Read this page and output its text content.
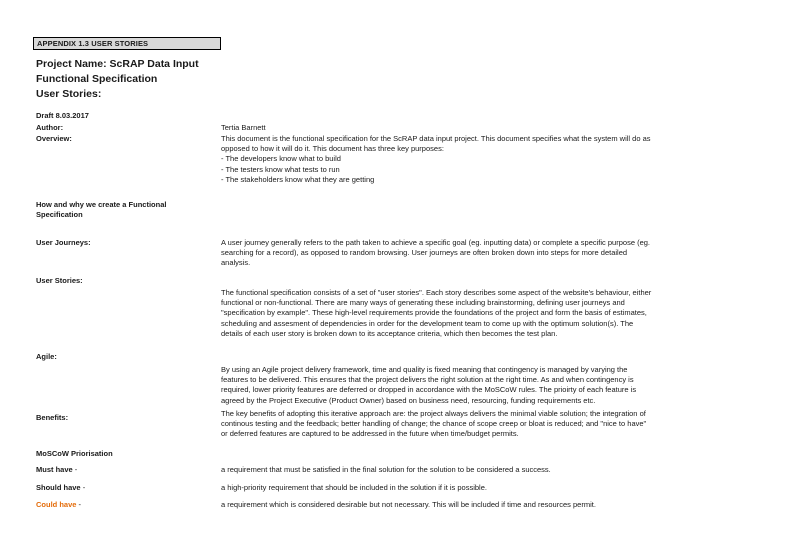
APPENDIX 1.3 USER STORIES
Project Name: ScRAP Data Input
Functional Specification
User Stories:
Draft 8.03.2017
Author:	Tertia Barnett
Overview:	This document is the functional specification for the ScRAP data input project. This document specifies what the system will do as
opposed to how it will do it. This document has three key purposes:
- The developers know what to build
- The testers know what tests to run
- The stakeholders know what they are getting
How and why we create a Functional
Specification
User Journeys:	A user journey generally refers to the path taken to achieve a specific goal (eg. inputting data) or complete a specific purpose (eg.
searching for a record), as opposed to random browsing. User journeys are often broken down into steps for more detailed
analysis.
User Stories:
The functional specification consists of a set of "user stories". Each story describes some aspect of the website's behaviour, either
functional or non-functional. There are many ways of generating these including brainstorming, defining user journeys and
"specification by example". These high-level requirements provide the foundations of the project and form the basis of estimates,
scheduling and assesment of dependencies in order for the development team to come up with the optimum solution(s). The
details of each user story is broken down to its acceptance criteria, which then becomes the test plan.
Agile:
By using an Agile project delivery framework, time and quality is fixed meaning that contingency is managed by varying the
features to be delivered. This ensures that the project delivers the right solution at the right time. As and when contingency is
required, lower priority features are deferred or dropped in accordance with the MoSCoW rules. The prioirty of each feature is
agreed by the Project Executive (Product Owner) based on business need, resourcing, funding requirements etc.
Benefits:	The key benefits of adopting this iterative approach are: the project always delivers the minimal viable solution; the integration of
continous testing and the feedback; better handling of change; the chance of scope creep or bloat is reduced; and "nice to have"
or deferred features are captured to be addressed in the future when time/budget permits.
MoSCoW Priorisation
Must have -	a requirement that must be satisfied in the final solution for the solution to be considered a success.
Should have -	a high-priority requirement that should be included in the solution if it is possible.
Could have -	a requirement which is considered desirable but not necessary. This will be included if time and resources permit.
